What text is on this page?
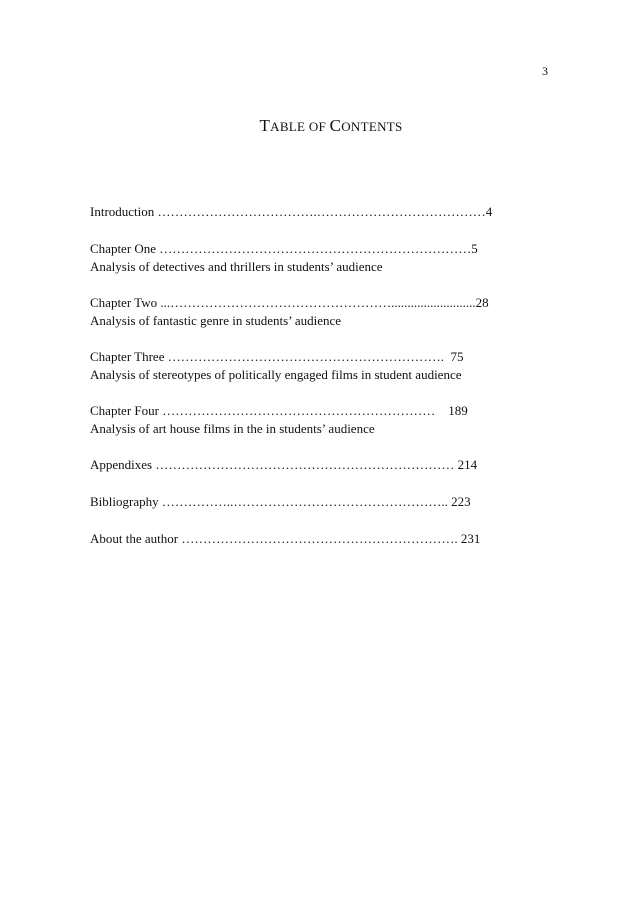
3
TABLE OF CONTENTS
Introduction ……………………………….…………………………………4
Chapter One ………………………………………………………………5
Analysis of detectives and thrillers in students’ audience
Chapter Two ...……………………………………………..........................28
Analysis of fantastic genre in students’ audience
Chapter Three ……………………………………………………….  75
Analysis of stereotypes of politically engaged films in student audience
Chapter Four ………………………………………………………    189
Analysis of art house films in the in students’ audience
Appendixes …………………………………………………………… 214
Bibliography ……………..………………………………………….. 223
About the author ………………………………………………………. 231
